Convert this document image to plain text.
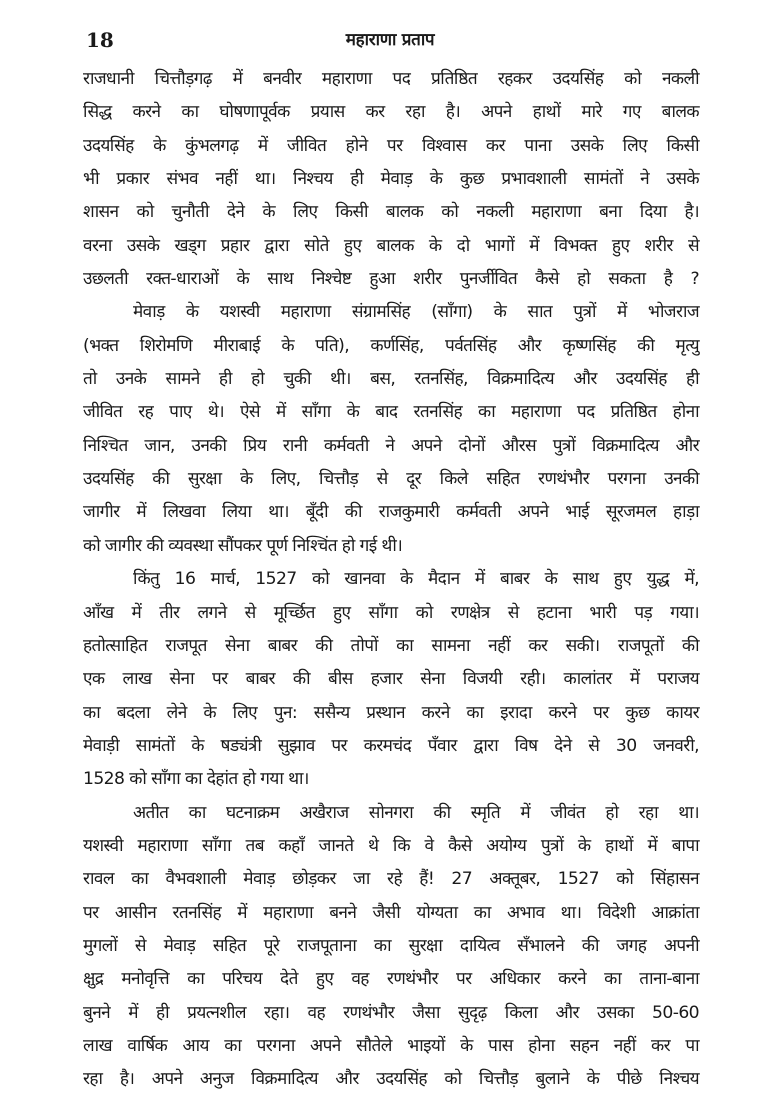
18	महाराणा प्रताप
राजधानी चित्तौड़गढ़ में बनवीर महाराणा पद प्रतिष्ठित रहकर उदयसिंह को नकली
सिद्ध करने का घोषणापूर्वक प्रयास कर रहा है। अपने हाथों मारे गए बालक
उदयसिंह के कुंभलगढ़ में जीवित होने पर विश्वास कर पाना उसके लिए किसी
भी प्रकार संभव नहीं था। निश्चय ही मेवाड़ के कुछ प्रभावशाली सामंतों ने उसके
शासन को चुनौती देने के लिए किसी बालक को नकली महाराणा बना दिया है।
वरना उसके खड्ग प्रहार द्वारा सोते हुए बालक के दो भागों में विभक्त हुए शरीर से
उछलती रक्त-धाराओं के साथ निश्चेष्ट हुआ शरीर पुनर्जीवित कैसे हो सकता है ?
मेवाड़ के यशस्वी महाराणा संग्रामसिंह (साँगा) के सात पुत्रों में भोजराज
(भक्त शिरोमणि मीराबाई के पति), कर्णसिंह, पर्वतसिंह और कृष्णसिंह की मृत्यु
तो उनके सामने ही हो चुकी थी। बस, रतनसिंह, विक्रमादित्य और उदयसिंह ही
जीवित रह पाए थे। ऐसे में साँगा के बाद रतनसिंह का महाराणा पद प्रतिष्ठित होना
निश्चित जान, उनकी प्रिय रानी कर्मवती ने अपने दोनों औरस पुत्रों विक्रमादित्य और
उदयसिंह की सुरक्षा के लिए, चित्तौड़ से दूर किले सहित रणथंभौर परगना उनकी
जागीर में लिखवा लिया था। बूँदी की राजकुमारी कर्मवती अपने भाई सूरजमल हाड़ा
को जागीर की व्यवस्था सौंपकर पूर्ण निश्चिंत हो गई थी।
किंतु 16 मार्च, 1527 को खानवा के मैदान में बाबर के साथ हुए युद्ध में,
आँख में तीर लगने से मूर्च्छित हुए साँगा को रणक्षेत्र से हटाना भारी पड़ गया।
हतोत्साहित राजपूत सेना बाबर की तोपों का सामना नहीं कर सकी। राजपूतों की
एक लाख सेना पर बाबर की बीस हजार सेना विजयी रही। कालांतर में पराजय
का बदला लेने के लिए पुन: ससैन्य प्रस्थान करने का इरादा करने पर कुछ कायर
मेवाड़ी सामंतों के षड्यंत्री सुझाव पर करमचंद पँवार द्वारा विष देने से 30 जनवरी,
1528 को साँगा का देहांत हो गया था।
अतीत का घटनाक्रम अखैराज सोनगरा की स्मृति में जीवंत हो रहा था।
यशस्वी महाराणा साँगा तब कहाँ जानते थे कि वे कैसे अयोग्य पुत्रों के हाथों में बापा
रावल का वैभवशाली मेवाड़ छोड़कर जा रहे हैं! 27 अक्तूबर, 1527 को सिंहासन
पर आसीन रतनसिंह में महाराणा बनने जैसी योग्यता का अभाव था। विदेशी आक्रांता
मुगलों से मेवाड़ सहित पूरे राजपूताना का सुरक्षा दायित्व सँभालने की जगह अपनी
क्षुद्र मनोवृत्ति का परिचय देते हुए वह रणथंभौर पर अधिकार करने का ताना-बाना
बुनने में ही प्रयत्नशील रहा। वह रणथंभौर जैसा सुदृढ़ किला और उसका 50-60
लाख वार्षिक आय का परगना अपने सौतेले भाइयों के पास होना सहन नहीं कर पा
रहा है। अपने अनुज विक्रमादित्य और उदयसिंह को चित्तौड़ बुलाने के पीछे निश्चय
